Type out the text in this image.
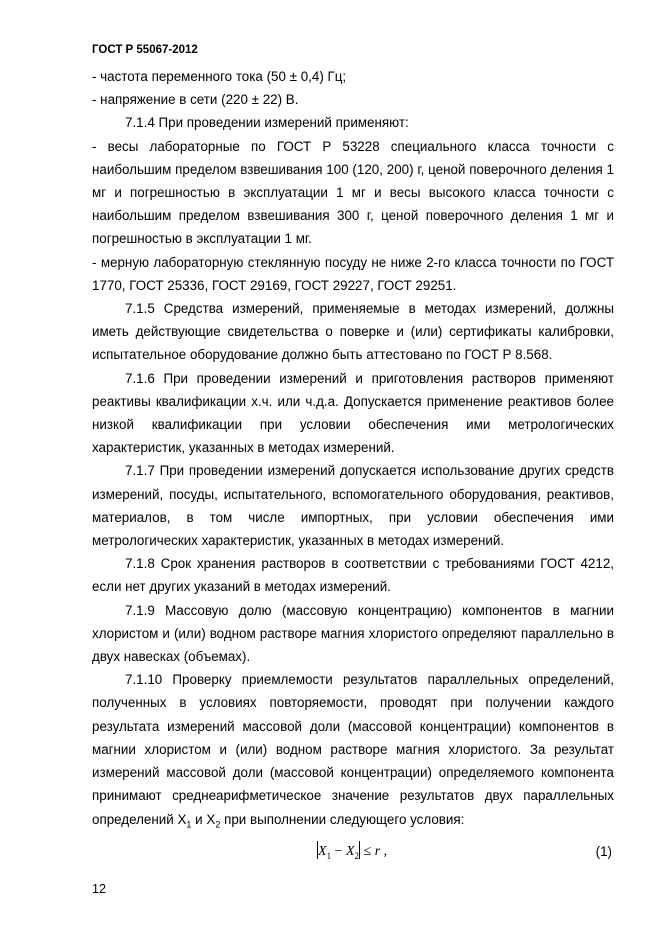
ГОСТ Р 55067-2012

- частота переменного тока (50 ± 0,4) Гц;

- напряжение в сети (220 ± 22) В.

7.1.4 При проведении измерений применяют:

- весы лабораторные по ГОСТ Р 53228 специального класса точности с наибольшим пределом взвешивания 100 (120, 200) г, ценой поверочного деления 1 мг и погрешностью в эксплуатации 1 мг и весы высокого класса точности с наибольшим пределом взвешивания 300 г, ценой поверочного деления 1 мг и погрешностью в эксплуатации 1 мг.

- мерную лабораторную стеклянную посуду не ниже 2-го класса точности по ГОСТ 1770, ГОСТ 25336, ГОСТ 29169, ГОСТ 29227, ГОСТ 29251.

7.1.5 Средства измерений, применяемые в методах измерений, должны иметь действующие свидетельства о поверке и (или) сертификаты калибровки, испытательное оборудование должно быть аттестовано по ГОСТ Р 8.568.

7.1.6 При проведении измерений и приготовления растворов применяют реактивы квалификации х.ч. или ч.д.а. Допускается применение реактивов более низкой квалификации при условии обеспечения ими метрологических характеристик, указанных в методах измерений.

7.1.7 При проведении измерений допускается использование других средств измерений, посуды, испытательного, вспомогательного оборудования, реактивов, материалов, в том числе импортных, при условии обеспечения ими метрологических характеристик, указанных в методах измерений.

7.1.8 Срок хранения растворов в соответствии с требованиями ГОСТ 4212, если нет других указаний в методах измерений.

7.1.9 Массовую долю (массовую концентрацию) компонентов в магнии хлористом и (или) водном растворе магния хлористого определяют параллельно в двух навесках (объемах).

7.1.10 Проверку приемлемости результатов параллельных определений, полученных в условиях повторяемости, проводят при получении каждого результата измерений массовой доли (массовой концентрации) компонентов в магнии хлористом и (или) водном растворе магния хлористого. За результат измерений массовой доли (массовой концентрации) определяемого компонента принимают среднеарифметическое значение результатов двух параллельных определений $X_1$ и $X_2$ при выполнении следующего условия:

$X_1 - X_2 \le r$ ,	(1)
12
